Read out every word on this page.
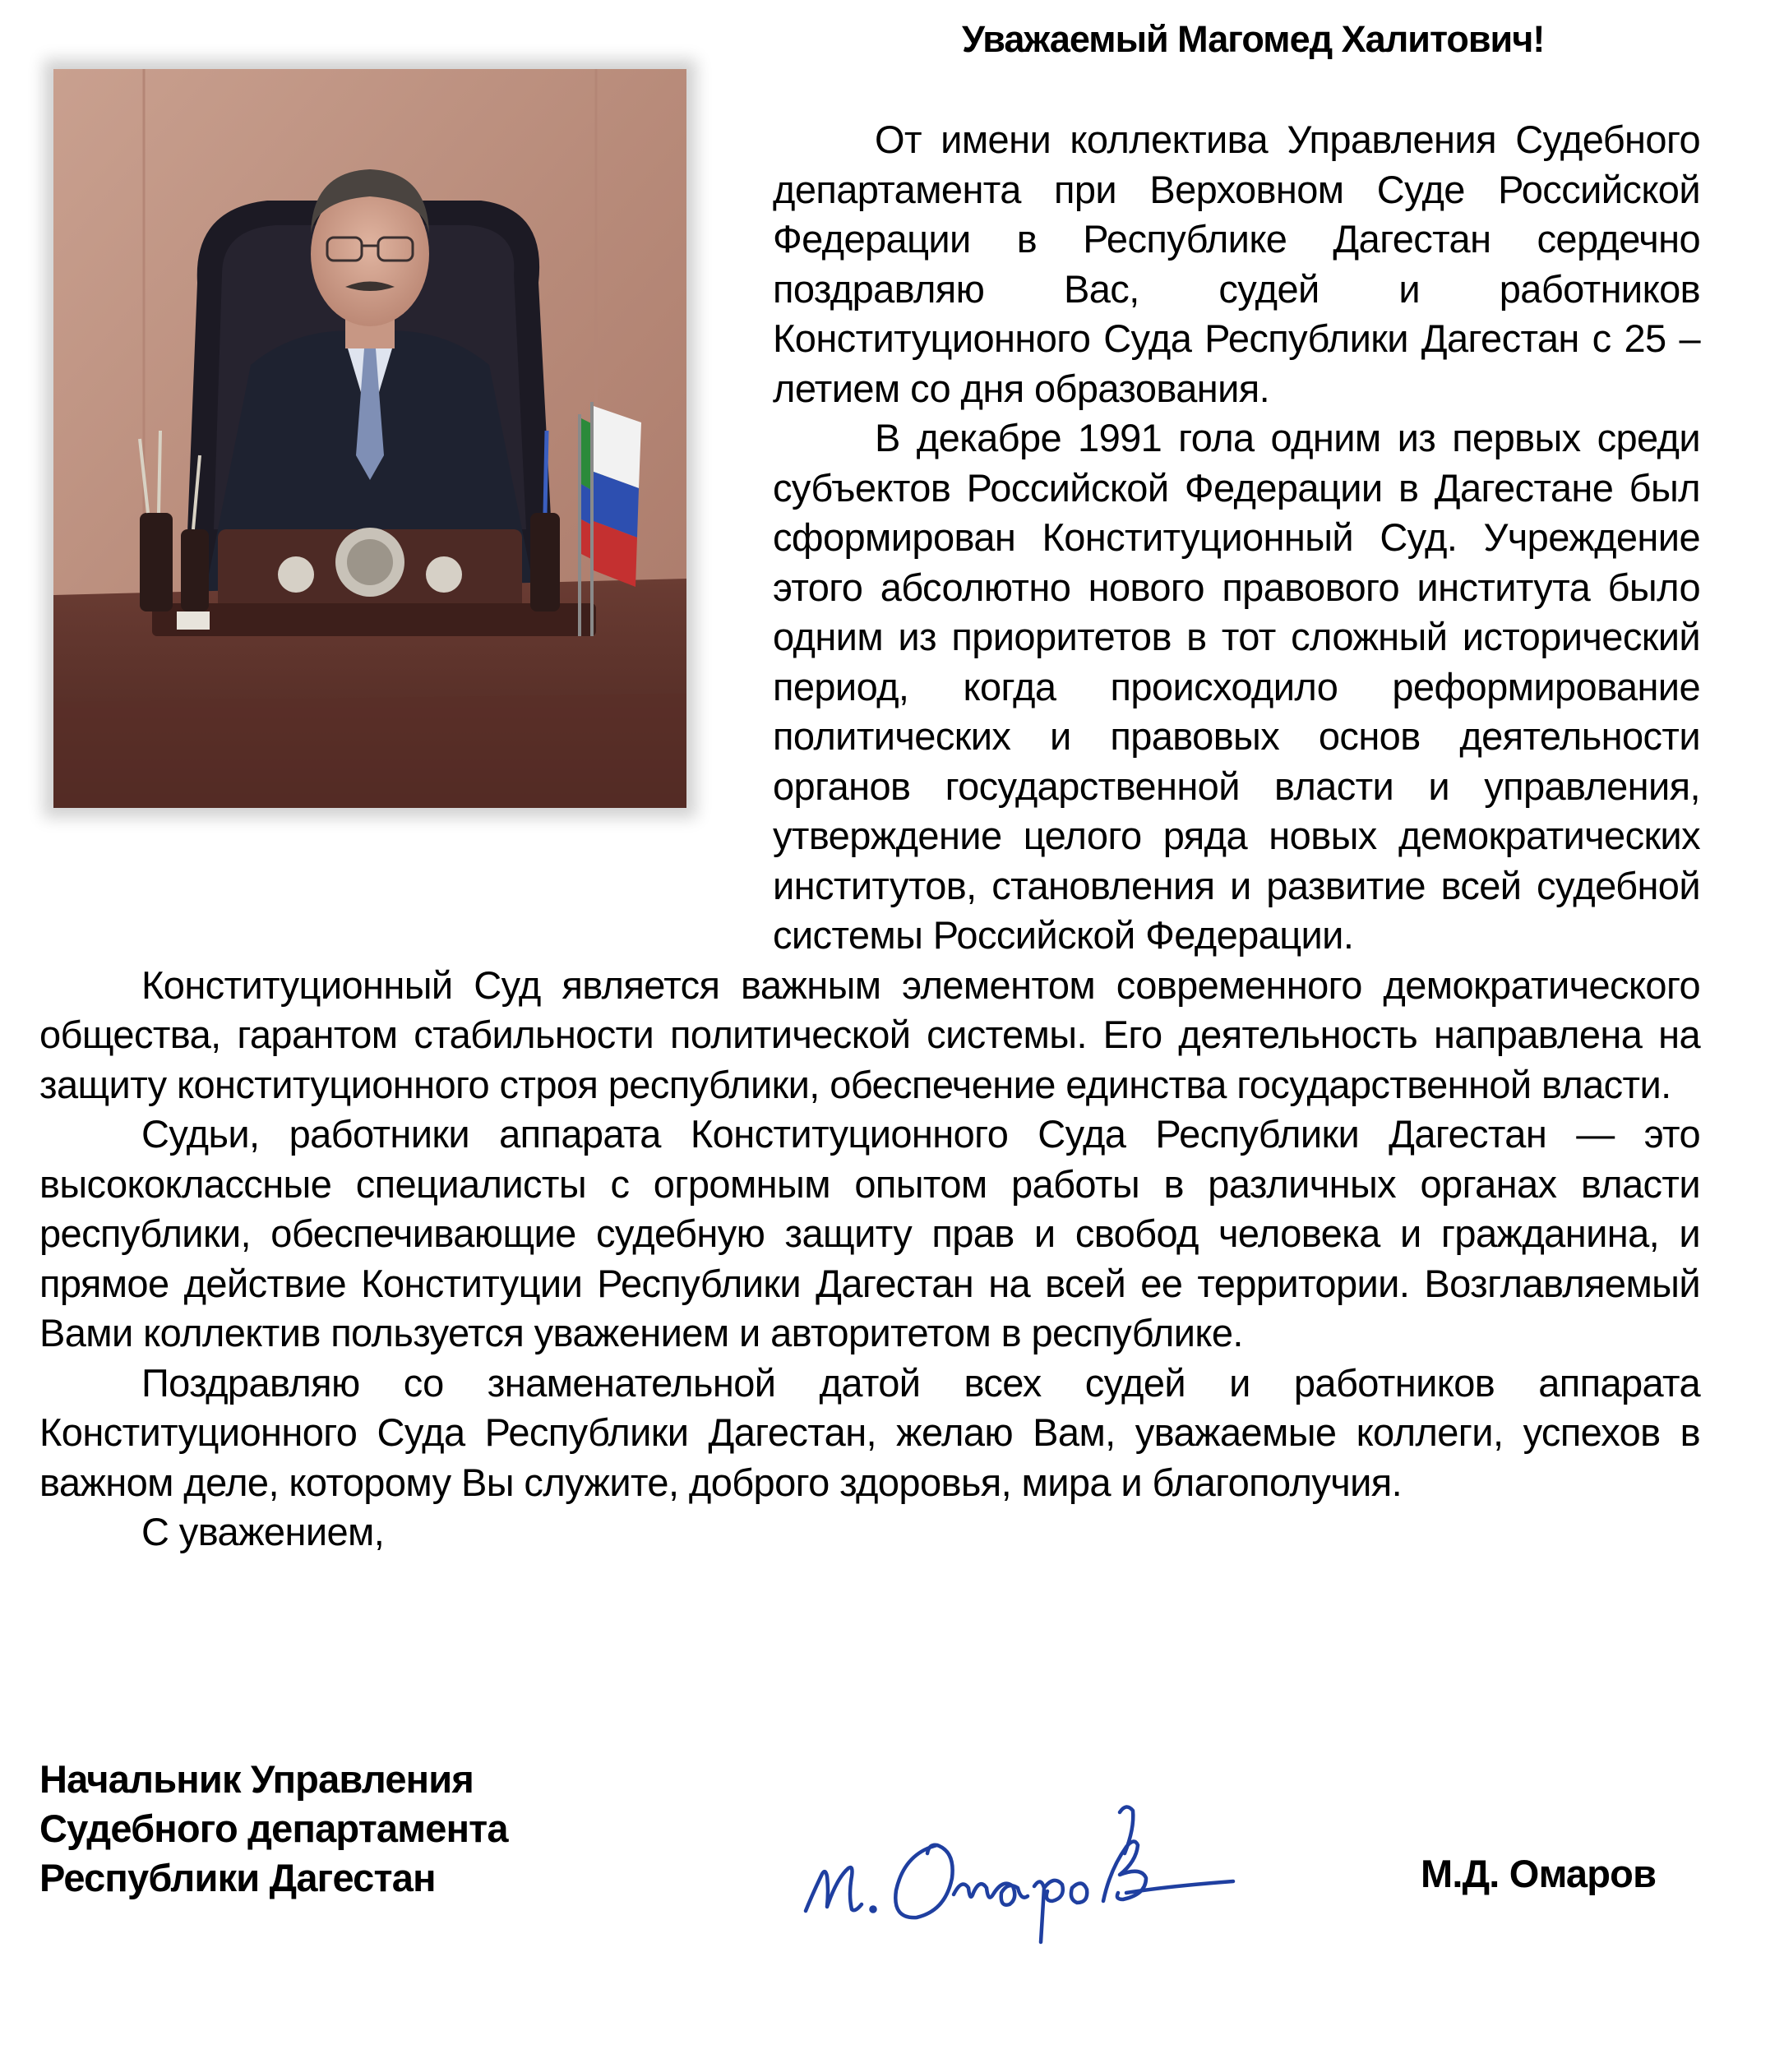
Уважаемый Магомед Халитович!

От имени коллектива Управления Судебного департамента при Верховном Суде Российской Федерации в Республике Дагестан сердечно поздравляю Вас, судей и работников Конституционного Суда Республики Дагестан с 25 – летием со дня образования.

В декабре 1991 гола одним из первых среди субъектов Российской Федерации в Дагестане был сформирован Конституционный Суд. Учреждение этого абсолютно нового правового института было одним из приоритетов в тот сложный исторический период, когда происходило реформирование политических и правовых основ деятельности органов государственной власти и управления, утверждение целого ряда новых демократических институтов, становления и развитие всей судебной системы Российской Федерации.

Конституционный Суд является важным элементом современного демократического общества, гарантом стабильности политической системы. Его деятельность направлена на защиту конституционного строя республики, обеспечение единства государственной власти.

Судьи, работники аппарата Конституционного Суда Республики Дагестан — это высококлассные специалисты с огромным опытом работы в различных органах власти республики, обеспечивающие судебную защиту прав и свобод человека и гражданина, и прямое действие Конституции Республики Дагестан на всей ее территории. Возглавляемый Вами коллектив пользуется уважением и авторитетом в республике.

Поздравляю со знаменательной датой всех судей и работников аппарата Конституционного Суда Республики Дагестан, желаю Вам, уважаемые коллеги, успехов в важном деле, которому Вы служите, доброго здоровья, мира и благополучия.

С уважением,

Начальник Управления
Судебного департамента
Республики Дагестан	М.Д. Омаров
